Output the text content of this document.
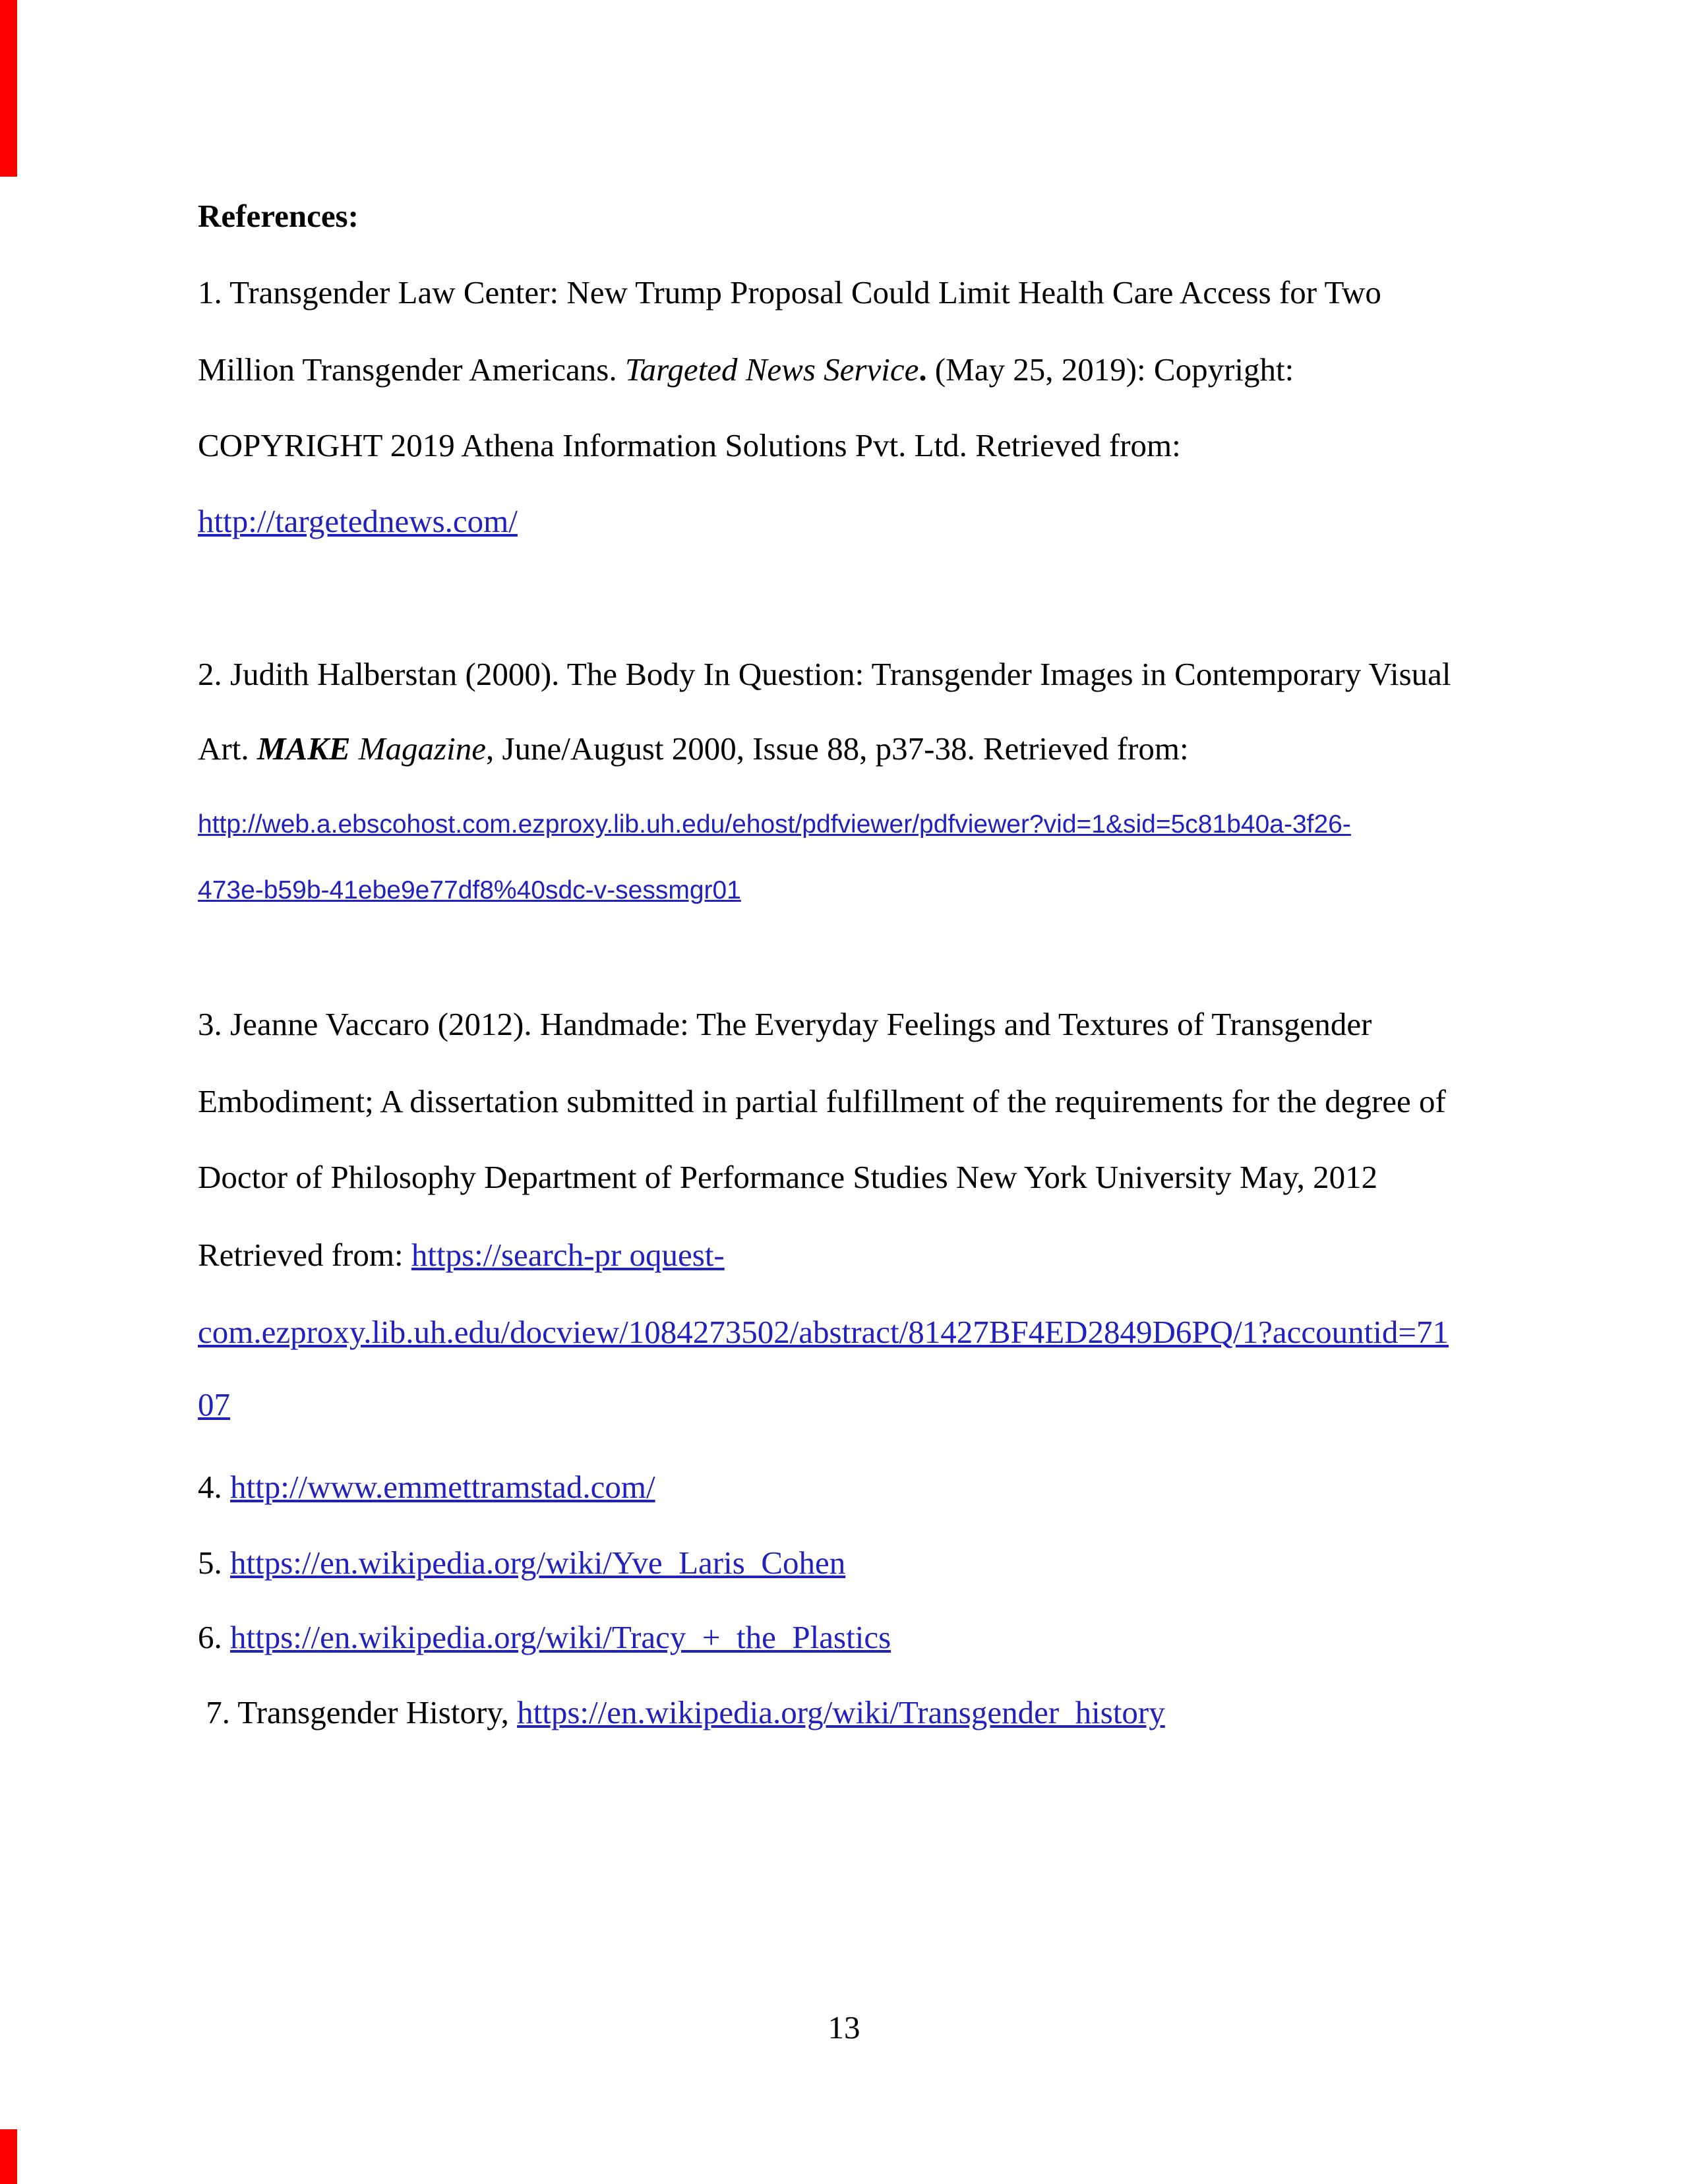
References:

1. Transgender Law Center: New Trump Proposal Could Limit Health Care Access for Two

Million Transgender Americans. Targeted News Service. (May 25, 2019): Copyright:

COPYRIGHT 2019 Athena Information Solutions Pvt. Ltd. Retrieved from:

http://targetednews.com/

2. Judith Halberstan (2000). The Body In Question: Transgender Images in Contemporary Visual

Art. MAKE Magazine, June/August 2000, Issue 88, p37-38. Retrieved from:

http://web.a.ebscohost.com.ezproxy.lib.uh.edu/ehost/pdfviewer/pdfviewer?vid=1&sid=5c81b40a-3f26-

473e-b59b-41ebe9e77df8%40sdc-v-sessmgr01

3. Jeanne Vaccaro (2012). Handmade: The Everyday Feelings and Textures of Transgender

Embodiment; A dissertation submitted in partial fulfillment of the requirements for the degree of

Doctor of Philosophy Department of Performance Studies New York University May, 2012

Retrieved from: https://search-pr oquest-

com.ezproxy.lib.uh.edu/docview/1084273502/abstract/81427BF4ED2849D6PQ/1?accountid=71

07

4. http://www.emmettramstad.com/

5. https://en.wikipedia.org/wiki/Yve_Laris_Cohen

6. https://en.wikipedia.org/wiki/Tracy_+_the_Plastics

7. Transgender History, https://en.wikipedia.org/wiki/Transgender_history

13
